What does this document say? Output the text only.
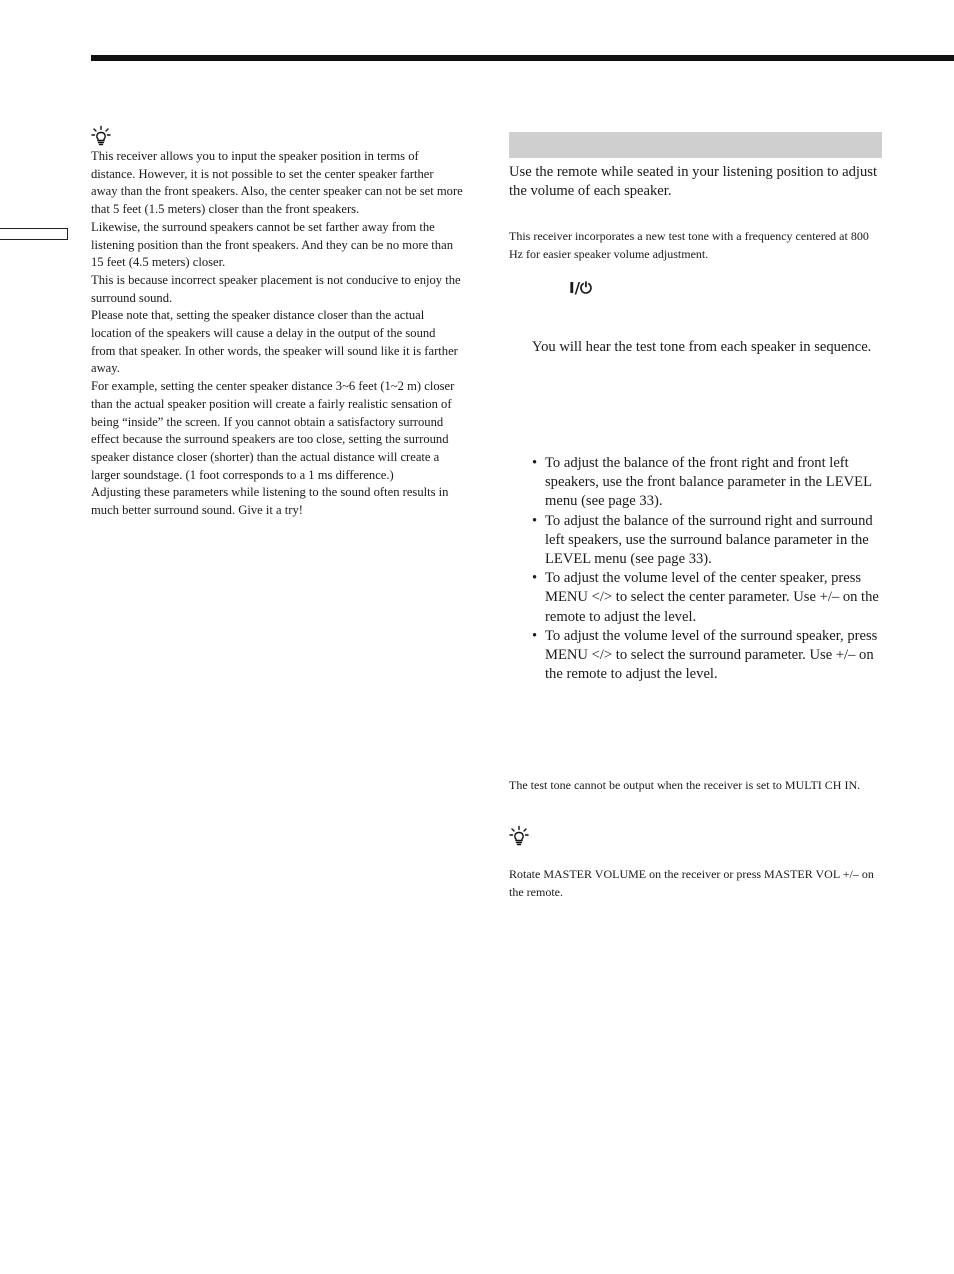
This receiver allows you to input the speaker position in terms of distance. However, it is not possible to set the center speaker farther away than the front speakers. Also, the center speaker can not be set more that 5 feet (1.5 meters) closer than the front speakers.

Likewise, the surround speakers cannot be set farther away from the listening position than the front speakers. And they can be no more than 15 feet (4.5 meters) closer.

This is because incorrect speaker placement is not conducive to enjoy the surround sound.

Please note that, setting the speaker distance closer than the actual location of the speakers will cause a delay in the output of the sound from that speaker. In other words, the speaker will sound like it is farther away.

For example, setting the center speaker distance 3~6 feet (1~2 m) closer than the actual speaker position will create a fairly realistic sensation of being “inside” the screen. If you cannot obtain a satisfactory surround effect because the surround speakers are too close, setting the surround speaker distance closer (shorter) than the actual distance will create a larger soundstage. (1 foot corresponds to a 1 ms difference.)

Adjusting these parameters while listening to the sound often results in much better surround sound. Give it a try!

Use the remote while seated in your listening position to adjust the volume of each speaker.

This receiver incorporates a new test tone with a frequency centered at 800 Hz for easier speaker volume adjustment.

I/⏻

You will hear the test tone from each speaker in sequence.

• To adjust the balance of the front right and front left speakers, use the front balance parameter in the LEVEL menu (see page 33).
• To adjust the balance of the surround right and surround left speakers, use the surround balance parameter in the LEVEL menu (see page 33).
• To adjust the volume level of the center speaker, press MENU </> to select the center parameter. Use +/– on the remote to adjust the level.
• To adjust the volume level of the surround speaker, press MENU </> to select the surround parameter. Use +/– on the remote to adjust the level.

The test tone cannot be output when the receiver is set to MULTI CH IN.

Rotate MASTER VOLUME on the receiver or press MASTER VOL +/– on the remote.
